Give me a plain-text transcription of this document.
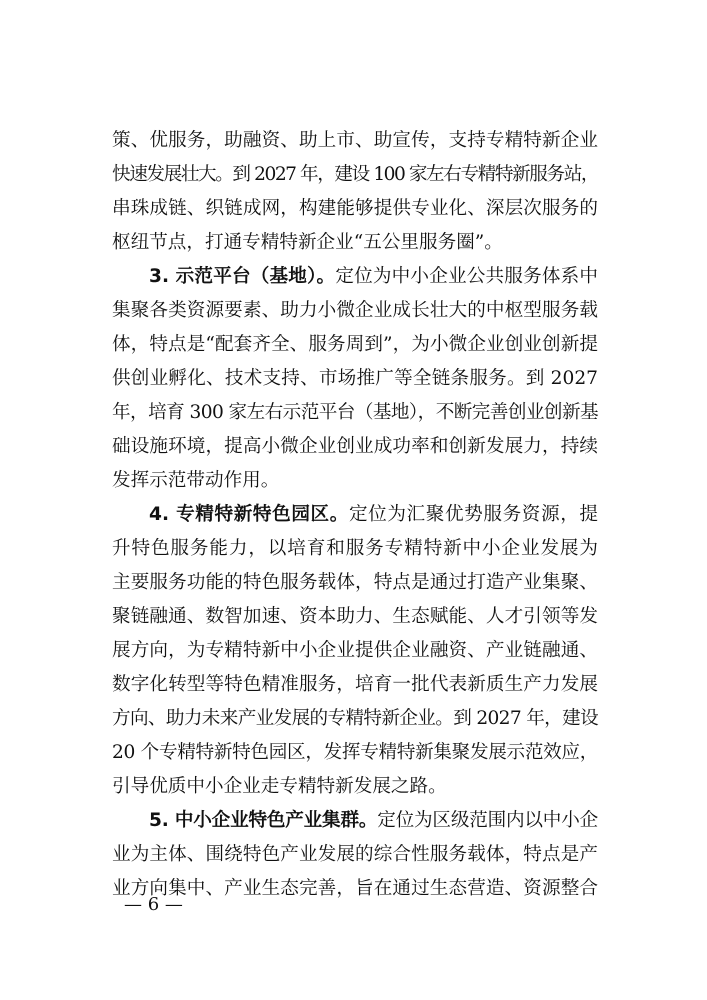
策、优服务，助融资、助上市、助宣传，支持专精特新企业
快速发展壮大。到 2027 年，建设 100 家左右专精特新服务站，
串珠成链、织链成网，构建能够提供专业化、深层次服务的
枢纽节点，打通专精特新企业“五公里服务圈”。
3. 示范平台（基地）。定位为中小企业公共服务体系中
集聚各类资源要素、助力小微企业成长壮大的中枢型服务载
体，特点是“配套齐全、服务周到”，为小微企业创业创新提
供创业孵化、技术支持、市场推广等全链条服务。到 2027
年，培育 300 家左右示范平台（基地），不断完善创业创新基
础设施环境，提高小微企业创业成功率和创新发展力，持续
发挥示范带动作用。
4. 专精特新特色园区。定位为汇聚优势服务资源，提
升特色服务能力，以培育和服务专精特新中小企业发展为
主要服务功能的特色服务载体，特点是通过打造产业集聚、
聚链融通、数智加速、资本助力、生态赋能、人才引领等发
展方向，为专精特新中小企业提供企业融资、产业链融通、
数字化转型等特色精准服务，培育一批代表新质生产力发展
方向、助力未来产业发展的专精特新企业。到 2027 年，建设
20 个专精特新特色园区，发挥专精特新集聚发展示范效应，
引导优质中小企业走专精特新发展之路。
5. 中小企业特色产业集群。定位为区级范围内以中小企
业为主体、围绕特色产业发展的综合性服务载体，特点是产
业方向集中、产业生态完善，旨在通过生态营造、资源整合
— 6 —
